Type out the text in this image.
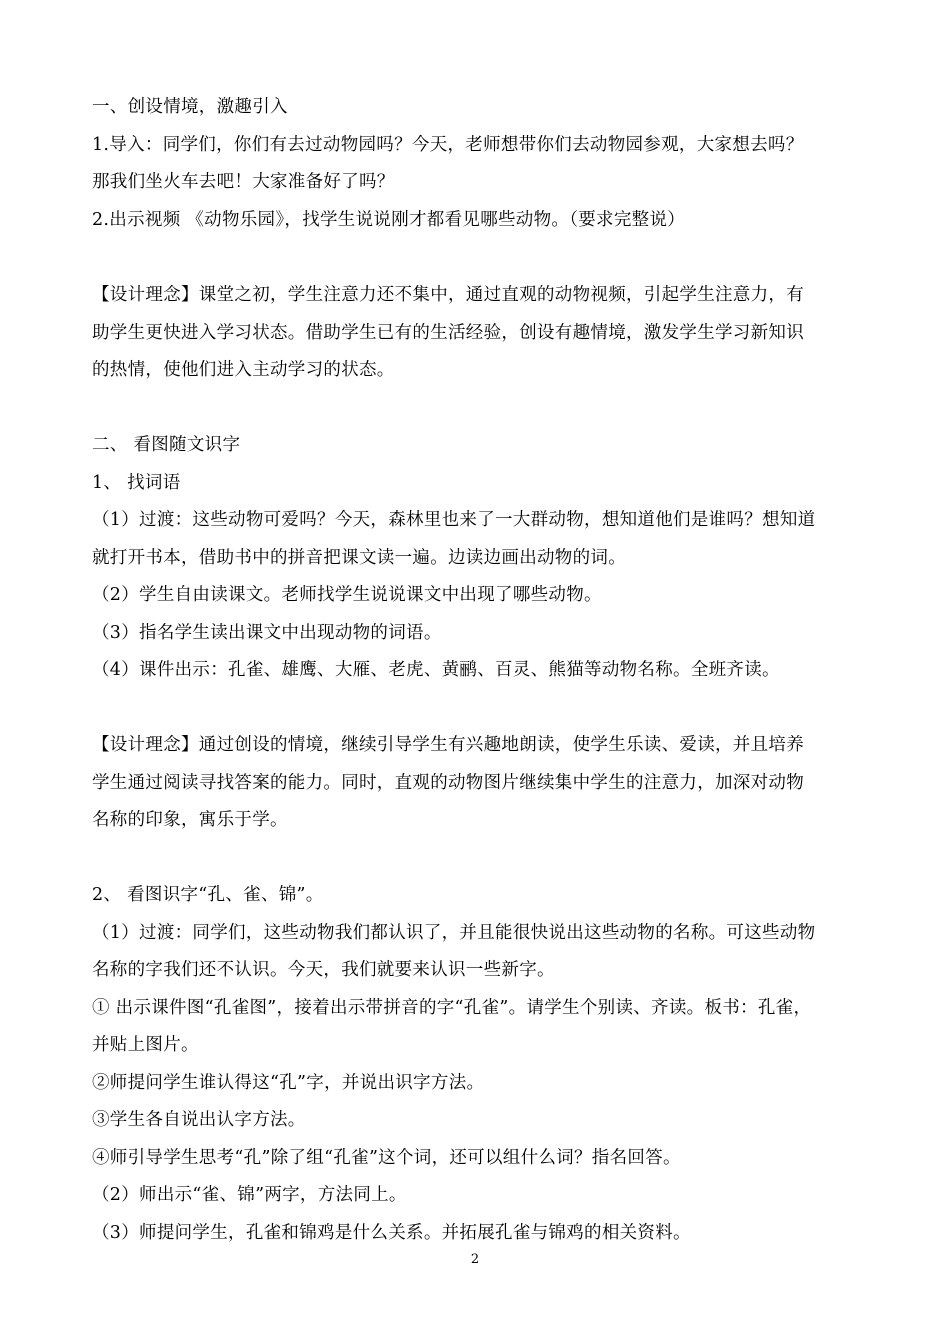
一、创设情境，激趣引入
1.导入：同学们，你们有去过动物园吗？今天，老师想带你们去动物园参观，大家想去吗？
那我们坐火车去吧！大家准备好了吗？
2.出示视频 《动物乐园》，找学生说说刚才都看见哪些动物。（要求完整说）
【设计理念】课堂之初，学生注意力还不集中，通过直观的动物视频，引起学生注意力，有
助学生更快进入学习状态。借助学生已有的生活经验，创设有趣情境，激发学生学习新知识
的热情，使他们进入主动学习的状态。
二、 看图随文识字
1、 找词语
（1）过渡：这些动物可爱吗？今天，森林里也来了一大群动物，想知道他们是谁吗？想知道
就打开书本，借助书中的拼音把课文读一遍。边读边画出动物的词。
（2）学生自由读课文。老师找学生说说课文中出现了哪些动物。
（3）指名学生读出课文中出现动物的词语。
（4）课件出示：孔雀、雄鹰、大雁、老虎、黄鹂、百灵、熊猫等动物名称。全班齐读。
【设计理念】通过创设的情境，继续引导学生有兴趣地朗读，使学生乐读、爱读，并且培养
学生通过阅读寻找答案的能力。同时，直观的动物图片继续集中学生的注意力，加深对动物
名称的印象，寓乐于学。
2、 看图识字“孔、雀、锦”。
（1）过渡：同学们，这些动物我们都认识了，并且能很快说出这些动物的名称。可这些动物
名称的字我们还不认识。今天，我们就要来认识一些新字。
① 出示课件图“孔雀图”，接着出示带拼音的字“孔雀”。请学生个别读、齐读。板书：孔雀，
并贴上图片。
②师提问学生谁认得这“孔”字，并说出识字方法。
③学生各自说出认字方法。
④师引导学生思考“孔”除了组“孔雀”这个词，还可以组什么词？指名回答。
（2）师出示“雀、锦”两字，方法同上。
（3）师提问学生，孔雀和锦鸡是什么关系。并拓展孔雀与锦鸡的相关资料。
2
